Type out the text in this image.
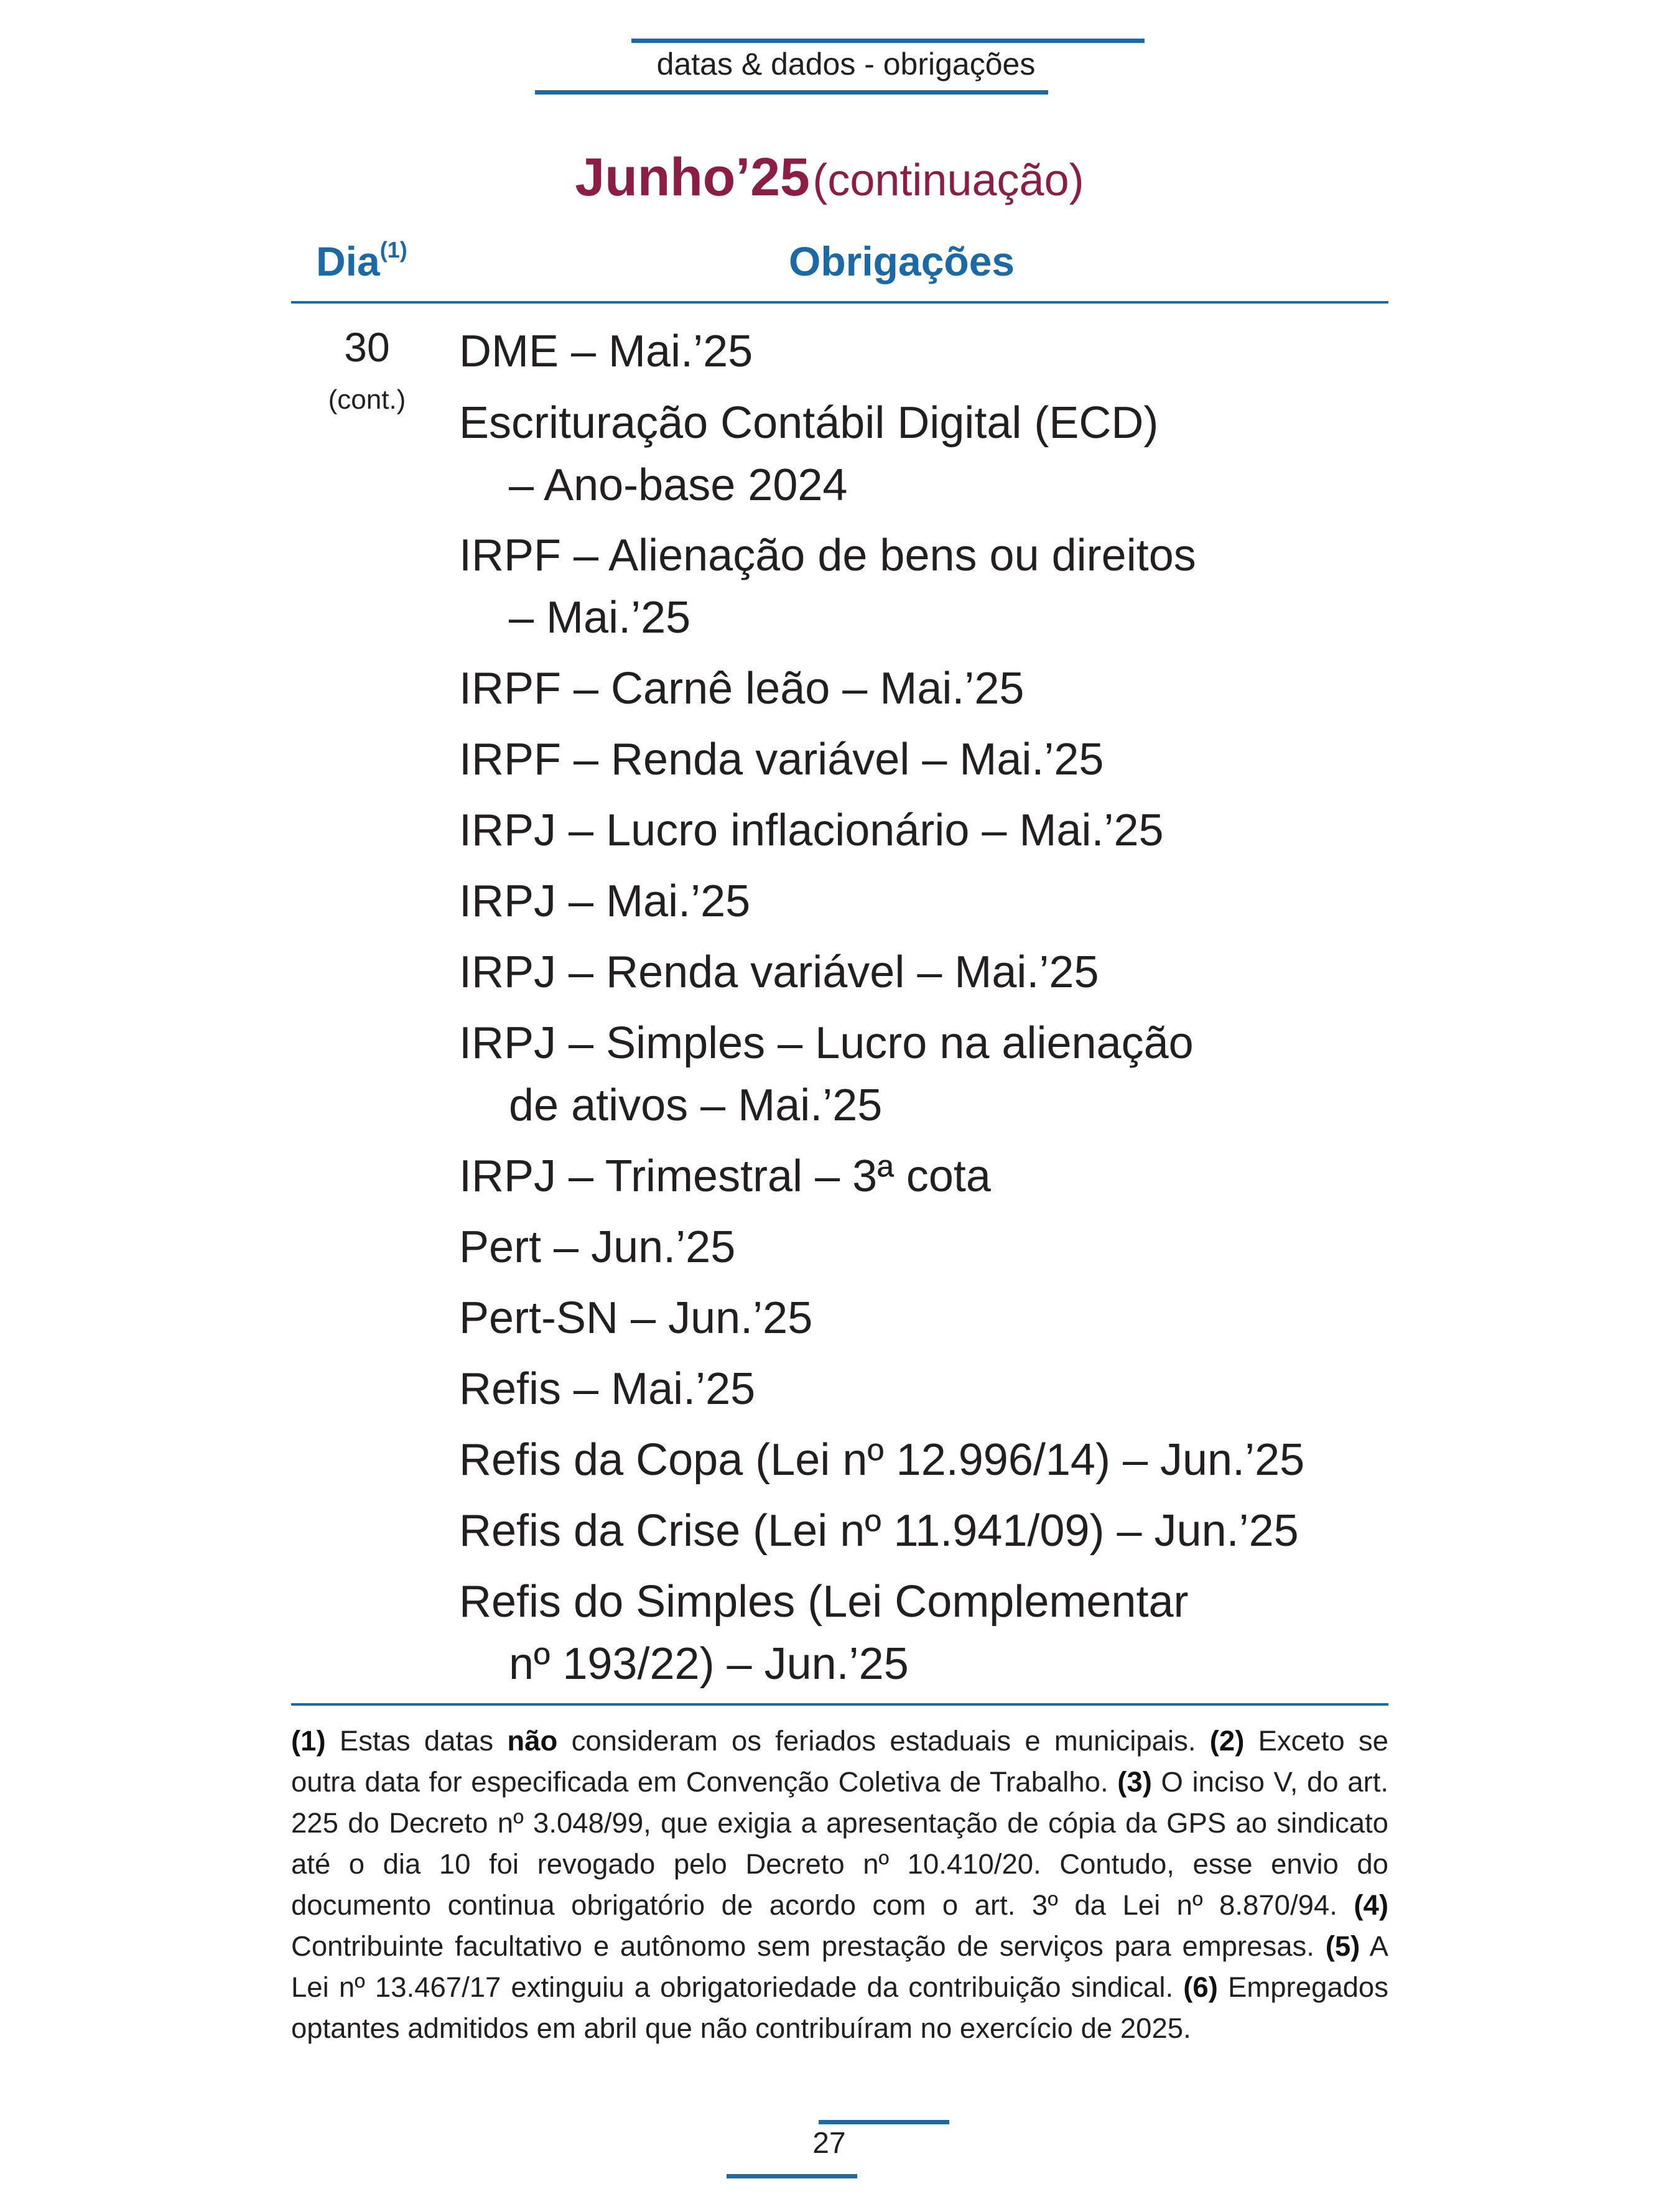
datas & dados - obrigações
Junho’25 (continuação)
Dia$^{(1)}$	Obrigações
30
(cont.)
DME – Mai.’25
Escrituração Contábil Digital (ECD)
– Ano-base 2024
IRPF – Alienação de bens ou direitos
– Mai.’25
IRPF – Carnê leão – Mai.’25
IRPF – Renda variável – Mai.’25
IRPJ – Lucro inflacionário – Mai.’25
IRPJ – Mai.’25
IRPJ – Renda variável – Mai.’25
IRPJ – Simples – Lucro na alienação
de ativos – Mai.’25
IRPJ – Trimestral – 3ª cota
Pert – Jun.’25
Pert-SN – Jun.’25
Refis – Mai.’25
Refis da Copa (Lei nº 12.996/14) – Jun.’25
Refis da Crise (Lei nº 11.941/09) – Jun.’25
Refis do Simples (Lei Complementar
nº 193/22) – Jun.’25
(1) Estas datas não consideram os feriados estaduais e municipais. (2) Exceto se outra data for especificada em Convenção Coletiva de Trabalho. (3) O inciso V, do art. 225 do Decreto nº 3.048/99, que exigia a apresentação de cópia da GPS ao sindicato até o dia 10 foi revogado pelo Decreto nº 10.410/20. Contudo, esse envio do documento continua obrigatório de acordo com o art. 3º da Lei nº 8.870/94. (4) Contribuinte facultativo e autônomo sem prestação de serviços para empresas. (5) A Lei nº 13.467/17 extinguiu a obrigatoriedade da contribuição sindical. (6) Empregados optantes admitidos em abril que não contribuíram no exercício de 2025.
27
